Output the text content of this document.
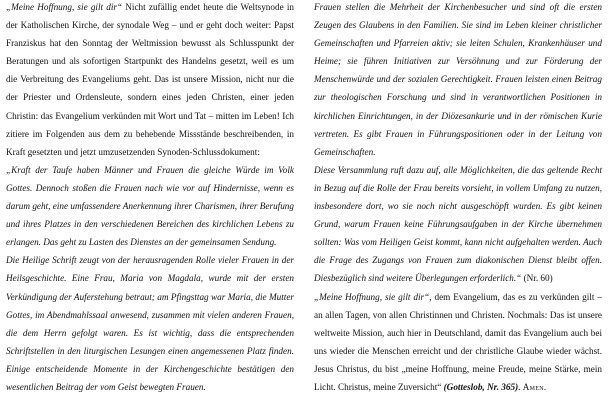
„Meine Hoffnung, sie gilt dir“ Nicht zufällig endet heute die Weltsynode in der Katholischen Kirche, der synodale Weg – und er geht doch weiter: Papst Franziskus hat den Sonntag der Weltmission bewusst als Schlusspunkt der Beratungen und als sofortigen Startpunkt des Handelns gesetzt, weil es um die Verbreitung des Evangeliums geht. Das ist unsere Mission, nicht nur die der Priester und Ordensleute, sondern eines jeden Christen, einer jeden Christin: das Evangelium verkünden mit Wort und Tat – mitten im Leben! Ich zitiere im Folgenden aus dem zu behebende Missstände beschreibenden, in Kraft gesetzten und jetzt umzusetzenden Synoden-Schlussdokument:

„Kraft der Taufe haben Männer und Frauen die gleiche Würde im Volk Gottes. Dennoch stoßen die Frauen nach wie vor auf Hindernisse, wenn es darum geht, eine umfassendere Anerkennung ihrer Charismen, ihrer Berufung und ihres Platzes in den verschiedenen Bereichen des kirchlichen Lebens zu erlangen. Das geht zu Lasten des Dienstes an der gemeinsamen Sendung.

Die Heilige Schrift zeugt von der herausragenden Rolle vieler Frauen in der Heilsgeschichte. Eine Frau, Maria von Magdala, wurde mit der ersten Verkündigung der Auferstehung betraut; am Pfingsttag war Maria, die Mutter Gottes, im Abendmahlssaal anwesend, zusammen mit vielen anderen Frauen, die dem Herrn gefolgt waren. Es ist wichtig, dass die entsprechenden Schriftstellen in den liturgischen Lesungen einen angemessenen Platz finden. Einige entscheidende Momente in der Kirchengeschichte bestätigen den wesentlichen Beitrag der vom Geist bewegten Frauen.

Frauen stellen die Mehrheit der Kirchenbesucher und sind oft die ersten Zeugen des Glaubens in den Familien. Sie sind im Leben kleiner christlicher Gemeinschaften und Pfarreien aktiv; sie leiten Schulen, Krankenhäuser und Heime; sie führen Initiativen zur Versöhnung und zur Förderung der Menschenwürde und der sozialen Gerechtigkeit. Frauen leisten einen Beitrag zur theologischen Forschung und sind in verantwortlichen Positionen in kirchlichen Einrichtungen, in der Diözesankurie und in der römischen Kurie vertreten. Es gibt Frauen in Führungspositionen oder in der Leitung von Gemeinschaften.

Diese Versammlung ruft dazu auf, alle Möglichkeiten, die das geltende Recht in Bezug auf die Rolle der Frau bereits vorsieht, in vollem Umfang zu nutzen, insbesondere dort, wo sie noch nicht ausgeschöpft wurden. Es gibt keinen Grund, warum Frauen keine Führungsaufgaben in der Kirche übernehmen sollten: Was vom Heiligen Geist kommt, kann nicht aufgehalten werden. Auch die Frage des Zugangs von Frauen zum diakonischen Dienst bleibt offen. Diesbezüglich sind weitere Überlegungen erforderlich.“ (Nr. 60)

„Meine Hoffnung, sie gilt dir“, dem Evangelium, das es zu verkünden gilt – an allen Tagen, von allen Christinnen und Christen. Nochmals: Das ist unsere weltweite Mission, auch hier in Deutschland, damit das Evangelium auch bei uns wieder die Menschen erreicht und der christliche Glaube wieder wächst. Jesus Christus, du bist „meine Hoffnung, meine Freude, meine Stärke, mein Licht. Christus, meine Zuversicht“ (Gotteslob, Nr. 365). Amen.
